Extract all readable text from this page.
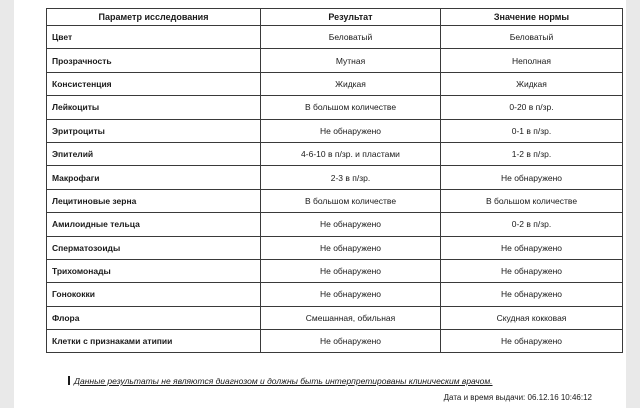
Параметр исследования	Результат	Значение нормы
Цвет	Беловатый	Беловатый
Прозрачность	Мутная	Неполная
Консистенция	Жидкая	Жидкая
Лейкоциты	В большом количестве	0-20 в п/зр.
Эритроциты	Не обнаружено	0-1 в п/зр.
Эпителий	4-6-10 в п/зр. и пластами	1-2 в п/зр.
Макрофаги	2-3 в п/зр.	Не обнаружено
Лецитиновые зерна	В большом количестве	В большом количестве
Амилоидные тельца	Не обнаружено	0-2 в п/зр.
Сперматозоиды	Не обнаружено	Не обнаружено
Трихомонады	Не обнаружено	Не обнаружено
Гонококки	Не обнаружено	Не обнаружено
Флора	Смешанная, обильная	Скудная кокковая
Клетки с признаками атипии	Не обнаружено	Не обнаружено
Данные результаты не являются диагнозом и должны быть интерпретированы клиническим врачом.
Дата и время выдачи: 06.12.16 10:46:12
